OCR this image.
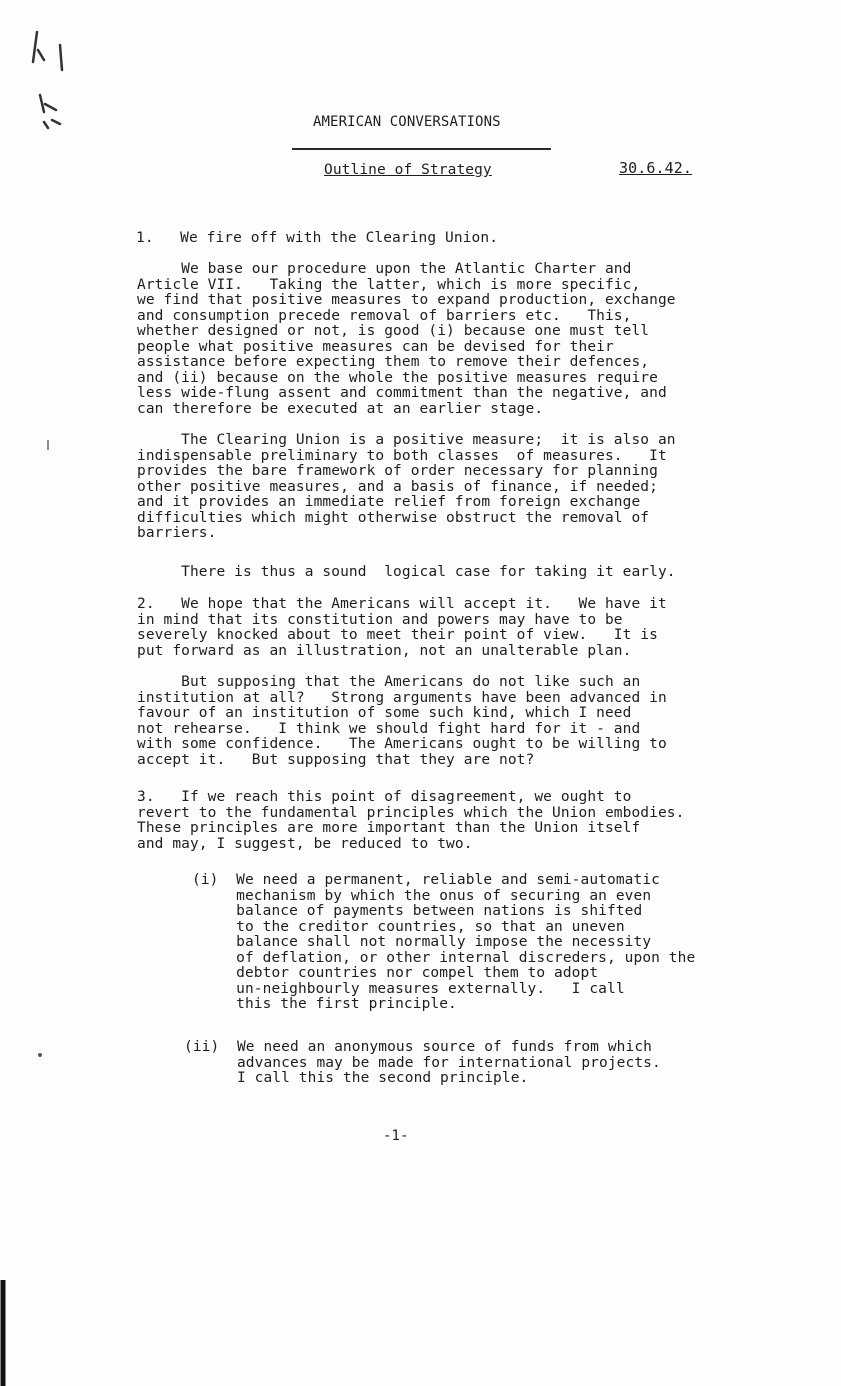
AMERICAN CONVERSATIONS
Outline of Strategy	30.6.42.
1.   We fire off with the Clearing Union.
We base our procedure upon the Atlantic Charter and
Article VII.   Taking the latter, which is more specific,
we find that positive measures to expand production, exchange
and consumption precede removal of barriers etc.   This,
whether designed or not, is good (i) because one must tell
people what positive measures can be devised for their
assistance before expecting them to remove their defences,
and (ii) because on the whole the positive measures require
less wide-flung assent and commitment than the negative, and
can therefore be executed at an earlier stage.
The Clearing Union is a positive measure;  it is also an
indispensable preliminary to both classes  of measures.   It
provides the bare framework of order necessary for planning
other positive measures, and a basis of finance, if needed;
and it provides an immediate relief from foreign exchange
difficulties which might otherwise obstruct the removal of
barriers.
There is thus a sound  logical case for taking it early.
2.   We hope that the Americans will accept it.   We have it
in mind that its constitution and powers may have to be
severely knocked about to meet their point of view.   It is
put forward as an illustration, not an unalterable plan.
But supposing that the Americans do not like such an
institution at all?   Strong arguments have been advanced in
favour of an institution of some such kind, which I need
not rehearse.   I think we should fight hard for it - and
with some confidence.   The Americans ought to be willing to
accept it.   But supposing that they are not?
3.   If we reach this point of disagreement, we ought to
revert to the fundamental principles which the Union embodies.
These principles are more important than the Union itself
and may, I suggest, be reduced to two.
(i)  We need a permanent, reliable and semi-automatic
mechanism by which the onus of securing an even
balance of payments between nations is shifted
to the creditor countries, so that an uneven
balance shall not normally impose the necessity
of deflation, or other internal discreders, upon the
debtor countries nor compel them to adopt
un-neighbourly measures externally.   I call
this the first principle.
(ii)  We need an anonymous source of funds from which
advances may be made for international projects.
I call this the second principle.
-1-
